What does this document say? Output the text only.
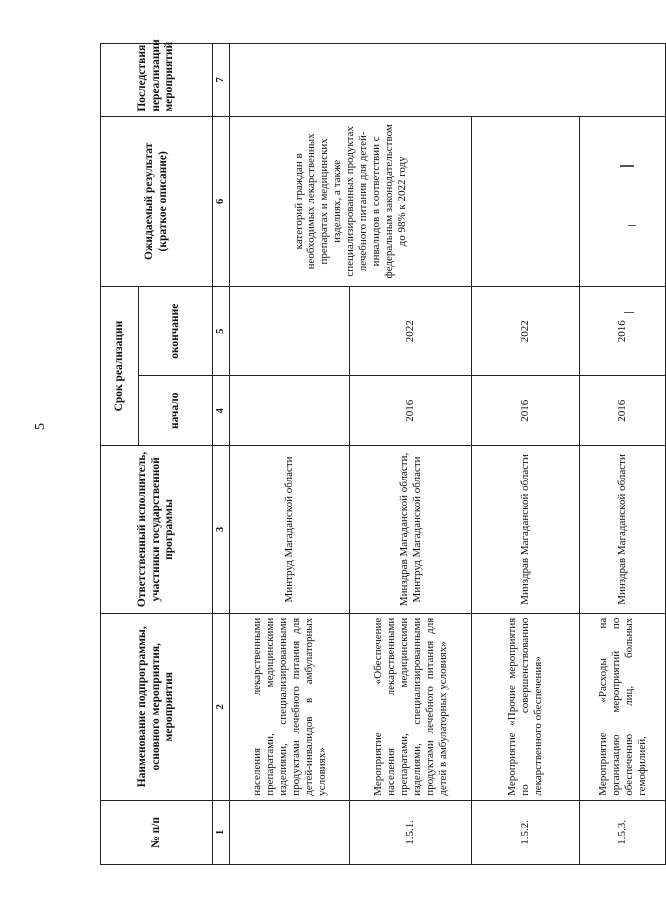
5
№ п/п	Наименование подпрограммы, основного мероприятия, мероприятия	Ответственный исполнитель, участники государственной программы	Срок реализации		Ожидаемый результат (краткое описание)	Последствия нереализации мероприятий
			начало	окончание		
1	2	3	4	5	6	7
	населения лекарственными препаратами, медицинскими изделиями, специализированными продуктами лечебного питания для детей-инвалидов в амбулаторных условиях»	Минтруд Магаданской области			категорий граждан в необходимых лекарственных препаратах и медицинских изделиях, а также специализированных продуктах лечебного питания для детей-инвалидов в соответствии с федеральным законодательством до 98% к 2022 году	
1.5.1.	Мероприятие «Обеспечение населения лекарственными препаратами, медицинскими изделиями, специализированными продуктами лечебного питания для детей в амбулаторных условиях»	Минздрав Магаданской области, Минтруд Магаданской области	2016	2022		
1.5.2.	Мероприятие «Прочие мероприятия по совершенствованию лекарственного обеспечения»	Минздрав Магаданской области	2016	2022		
1.5.3.	Мероприятие «Расходы на организацию мероприятий по обеспечению лиц, больных гемофилией,	Минздрав Магаданской области	2016	2016		
